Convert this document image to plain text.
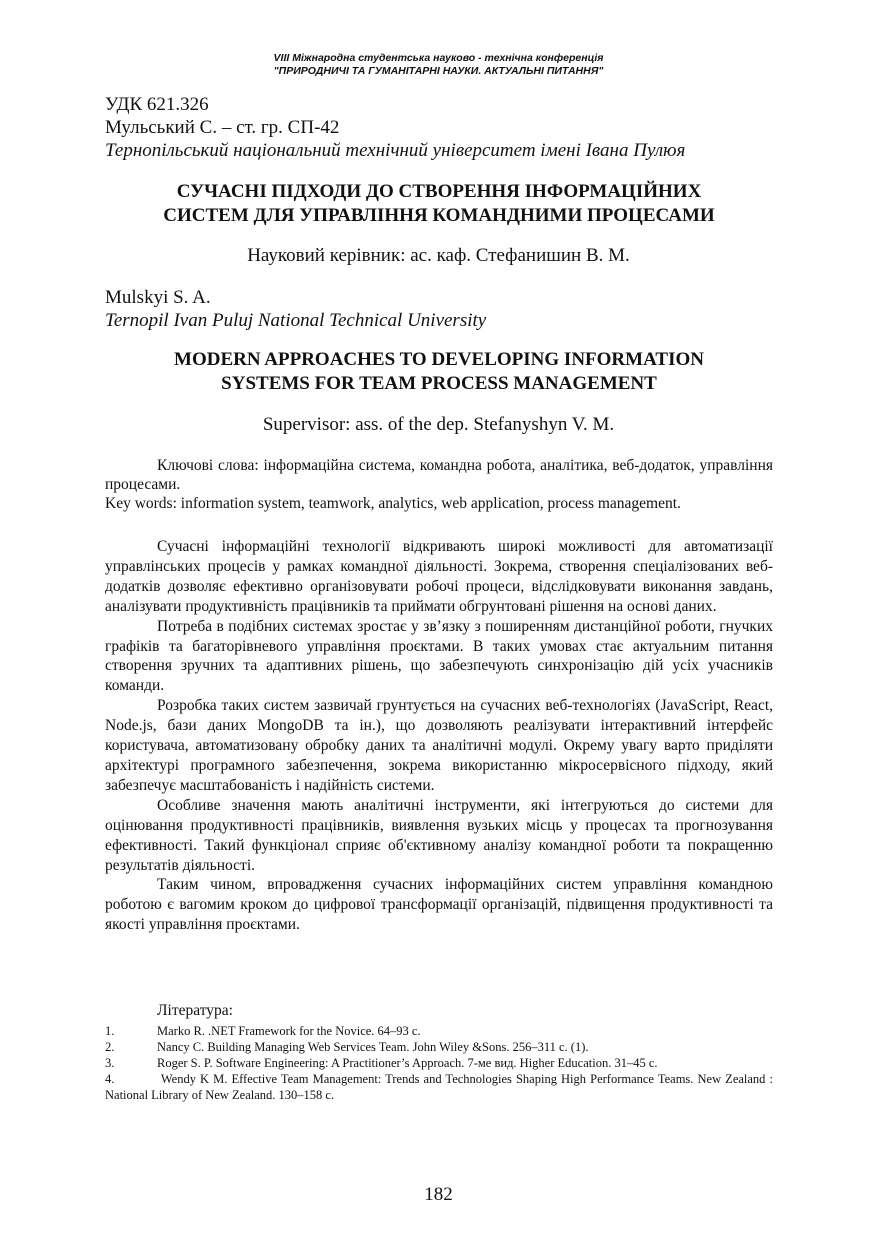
VIII Міжнародна студентська науково - технічна конференція
"ПРИРОДНИЧІ ТА ГУМАНІТАРНІ НАУКИ. АКТУАЛЬНІ ПИТАННЯ"
УДК 621.326
Мульський С. – ст. гр. СП-42
Тернопільський національний технічний університет імені Івана Пулюя
СУЧАСНІ ПІДХОДИ ДО СТВОРЕННЯ ІНФОРМАЦІЙНИХ
СИСТЕМ ДЛЯ УПРАВЛІННЯ КОМАНДНИМИ ПРОЦЕСАМИ
Науковий керівник: ас. каф. Стефанишин В. М.
Mulskyi S. A.
Ternopil Ivan Puluj National Technical University
MODERN APPROACHES TO DEVELOPING INFORMATION
SYSTEMS FOR TEAM PROCESS MANAGEMENT
Supervisor: ass. of the dep. Stefanyshyn V. M.

Ключові слова: інформаційна система, командна робота, аналітика, веб-додаток, управління процесами.

Key words: information system, teamwork, analytics, web application, process management.

Сучасні інформаційні технології відкривають широкі можливості для автоматизації управлінських процесів у рамках командної діяльності. Зокрема, створення спеціалізованих веб-додатків дозволяє ефективно організовувати робочі процеси, відслідковувати виконання завдань, аналізувати продуктивність працівників та приймати обгрунтовані рішення на основі даних.

Потреба в подібних системах зростає у зв’язку з поширенням дистанційної роботи, гнучких графіків та багаторівневого управління проєктами. В таких умовах стає актуальним питання створення зручних та адаптивних рішень, що забезпечують синхронізацію дій усіх учасників команди.

Розробка таких систем зазвичай грунтується на сучасних веб-технологіях (JavaScript, React, Node.js, бази даних MongoDB та ін.), що дозволяють реалізувати інтерактивний інтерфейс користувача, автоматизовану обробку даних та аналітичні модулі. Окрему увагу варто приділяти архітектурі програмного забезпечення, зокрема використанню мікросервісного підходу, який забезпечує масштабованість і надійність системи.

Особливе значення мають аналітичні інструменти, які інтегруються до системи для оцінювання продуктивності працівників, виявлення вузьких місць у процесах та прогнозування ефективності. Такий функціонал сприяє об'єктивному аналізу командної роботи та покращенню результатів діяльності.

Таким чином, впровадження сучасних інформаційних систем управління командною роботою є вагомим кроком до цифрової трансформації організацій, підвищення продуктивності та якості управління проєктами.

Література:
1.	Marko R. .NET Framework for the Novice. 64–93 с.
2.	Nancy C. Building Managing Web Services Team. John Wiley &Sons. 256–311 с. (1).
3.	Roger S. P. Software Engineering: A Practitioner’s Approach. 7-ме вид. Higher Education. 31–45 с.
4.	Wendy K M. Effective Team Management: Trends and Technologies Shaping High Performance Teams. New Zealand : National Library of New Zealand. 130–158 с.
182
